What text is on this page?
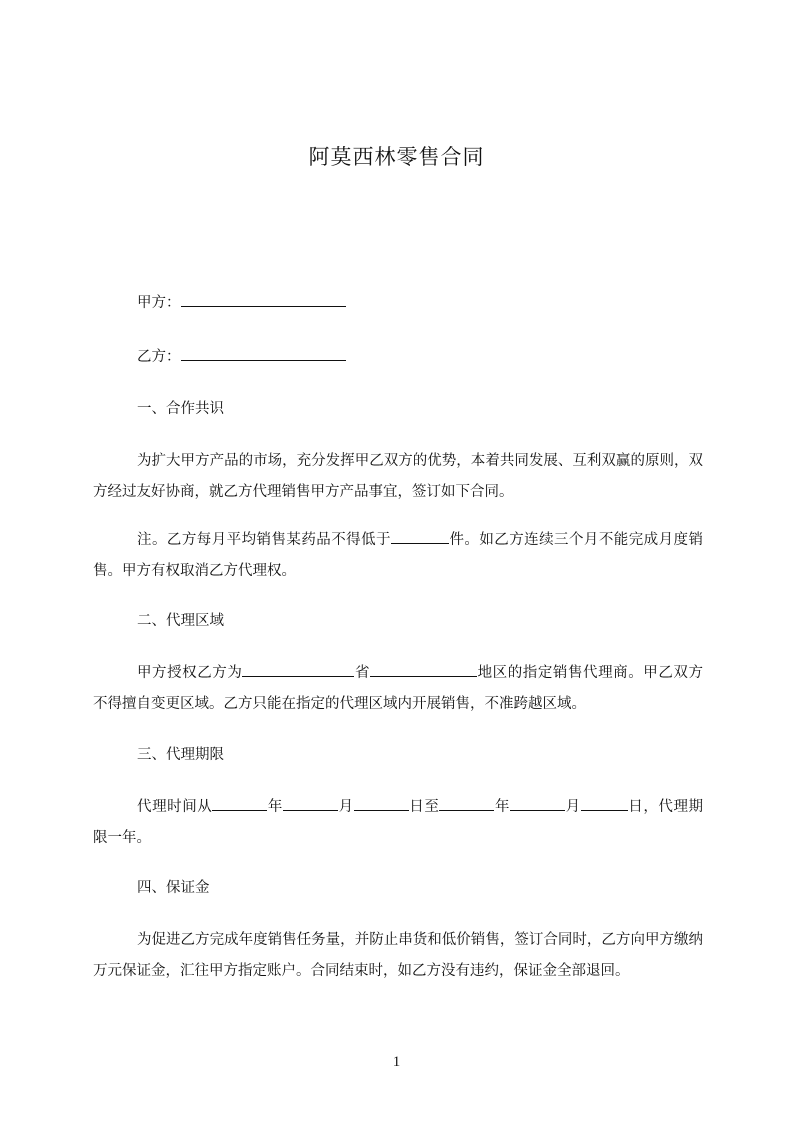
阿莫西林零售合同
甲方：
乙方：
一、合作共识

为扩大甲方产品的市场，充分发挥甲乙双方的优势，本着共同发展、互利双赢的原则，双方经过友好协商，就乙方代理销售甲方产品事宜，签订如下合同。

注。乙方每月平均销售某药品不得低于	件。如乙方连续三个月不能完成月度销售。甲方有权取消乙方代理权。

二、代理区域

甲方授权乙方为	省	地区的指定销售代理商。甲乙双方不得擅自变更区域。乙方只能在指定的代理区域内开展销售，不准跨越区域。

三、代理期限

代理时间从	年	月	日至	年	月	日，代理期限一年。

四、保证金

为促进乙方完成年度销售任务量，并防止串货和低价销售，签订合同时，乙方向甲方缴纳万元保证金，汇往甲方指定账户。合同结束时，如乙方没有违约，保证金全部退回。

1
